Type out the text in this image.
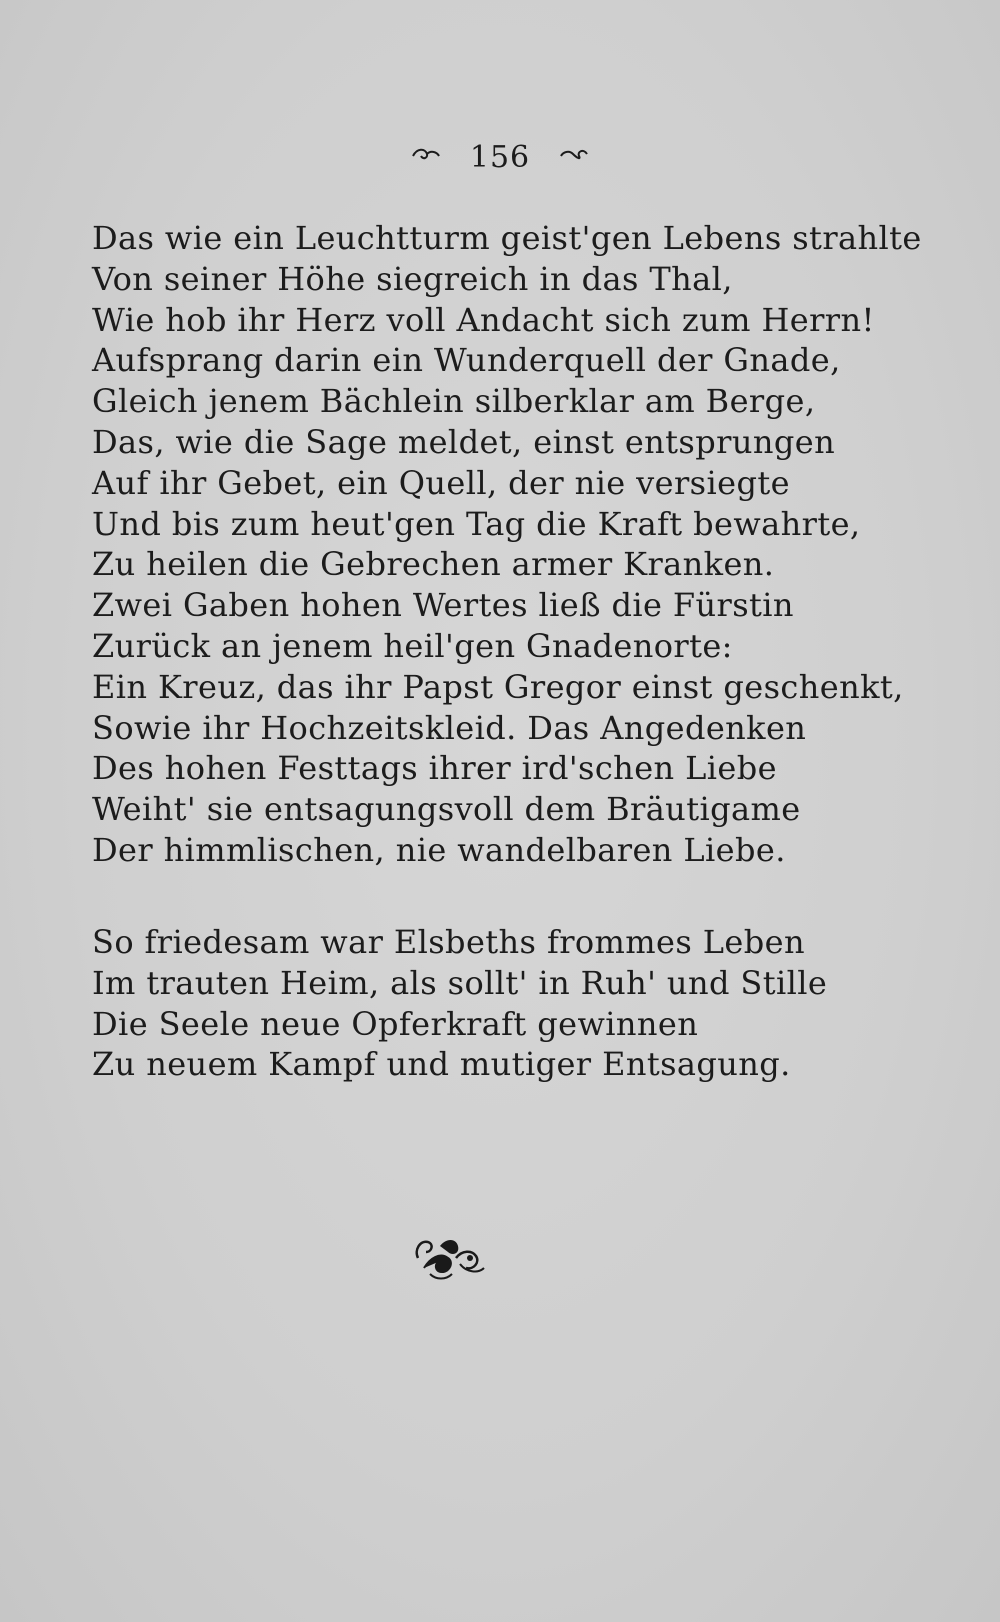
156
Das wie ein Leuchtturm geist'gen Lebens strahlte
Von seiner Höhe siegreich in das Thal,
Wie hob ihr Herz voll Andacht sich zum Herrn!
Aufsprang darin ein Wunderquell der Gnade,
Gleich jenem Bächlein silberklar am Berge,
Das, wie die Sage meldet, einst entsprungen
Auf ihr Gebet, ein Quell, der nie versiegte
Und bis zum heut'gen Tag die Kraft bewahrte,
Zu heilen die Gebrechen armer Kranken.
Zwei Gaben hohen Wertes ließ die Fürstin
Zurück an jenem heil'gen Gnadenorte:
Ein Kreuz, das ihr Papst Gregor einst geschenkt,
Sowie ihr Hochzeitskleid. Das Angedenken
Des hohen Festtags ihrer ird'schen Liebe
Weiht' sie entsagungsvoll dem Bräutigame
Der himmlischen, nie wandelbaren Liebe.
So friedesam war Elsbeths frommes Leben
Im trauten Heim, als sollt' in Ruh' und Stille
Die Seele neue Opferkraft gewinnen
Zu neuem Kampf und mutiger Entsagung.
